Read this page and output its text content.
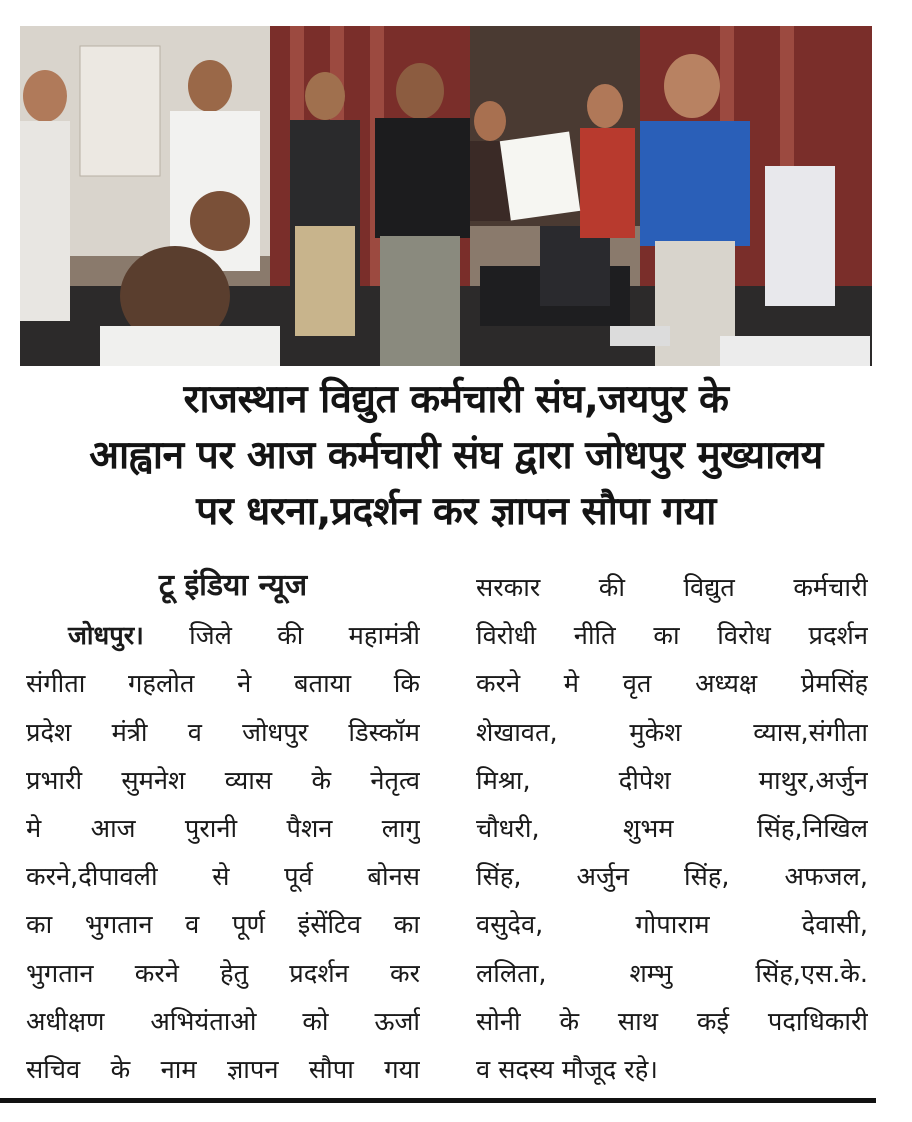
राजस्थान विद्युत कर्मचारी संघ,जयपुर के
आह्वान पर आज कर्मचारी संघ द्वारा जोधपुर मुख्यालय
पर धरना,प्रदर्शन कर ज्ञापन सौपा गया
टू इंडिया न्यूज
जोधपुर। जिले की महामंत्री
संगीता गहलोत ने बताया कि
प्रदेश मंत्री व जोधपुर डिस्कॉम
प्रभारी सुमनेश व्यास के नेतृत्व
मे आज पुरानी पैशन लागु
करने,दीपावली से पूर्व बोनस
का भुगतान व पूर्ण इंसेंटिव का
भुगतान करने हेतु प्रदर्शन कर
अधीक्षण अभियंताओ को ऊर्जा
सचिव के नाम ज्ञापन सौपा गया
सरकार की विद्युत कर्मचारी
विरोधी नीति का विरोध प्रदर्शन
करने मे वृत अध्यक्ष प्रेमसिंह
शेखावत, मुकेश व्यास,संगीता
मिश्रा, दीपेश माथुर,अर्जुन
चौधरी, शुभम सिंह,निखिल
सिंह, अर्जुन सिंह, अफजल,
वसुदेव, गोपाराम देवासी,
ललिता, शम्भु सिंह,एस.के.
सोनी के साथ कई पदाधिकारी
व सदस्य मौजूद रहे।
